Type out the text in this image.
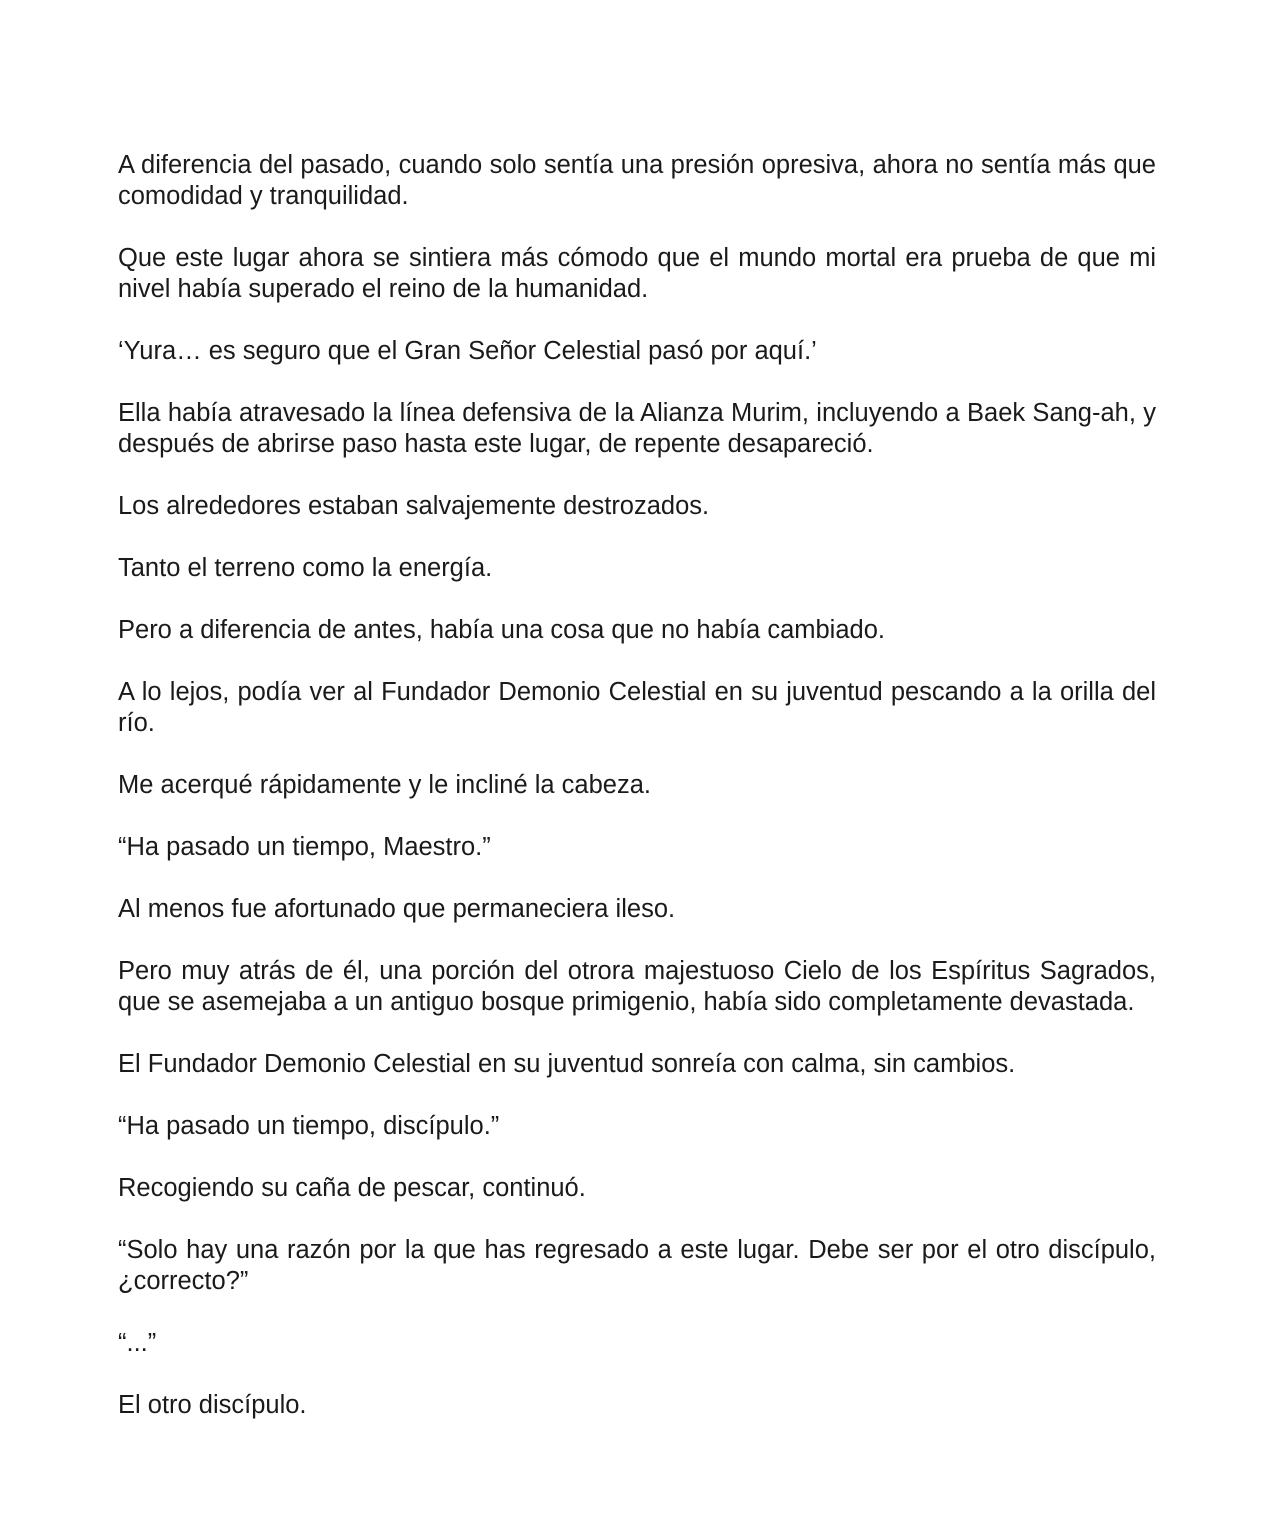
A diferencia del pasado, cuando solo sentía una presión opresiva, ahora no sentía más que comodidad y tranquilidad.

Que este lugar ahora se sintiera más cómodo que el mundo mortal era prueba de que mi nivel había superado el reino de la humanidad.

‘Yura… es seguro que el Gran Señor Celestial pasó por aquí.’

Ella había atravesado la línea defensiva de la Alianza Murim, incluyendo a Baek Sang-ah, y después de abrirse paso hasta este lugar, de repente desapareció.

Los alrededores estaban salvajemente destrozados.

Tanto el terreno como la energía.

Pero a diferencia de antes, había una cosa que no había cambiado.

A lo lejos, podía ver al Fundador Demonio Celestial en su juventud pescando a la orilla del río.

Me acerqué rápidamente y le incliné la cabeza.

“Ha pasado un tiempo, Maestro.”

Al menos fue afortunado que permaneciera ileso.

Pero muy atrás de él, una porción del otrora majestuoso Cielo de los Espíritus Sagrados, que se asemejaba a un antiguo bosque primigenio, había sido completamente devastada.

El Fundador Demonio Celestial en su juventud sonreía con calma, sin cambios.

“Ha pasado un tiempo, discípulo.”

Recogiendo su caña de pescar, continuó.

“Solo hay una razón por la que has regresado a este lugar. Debe ser por el otro discípulo, ¿correcto?”

“...”

El otro discípulo.
